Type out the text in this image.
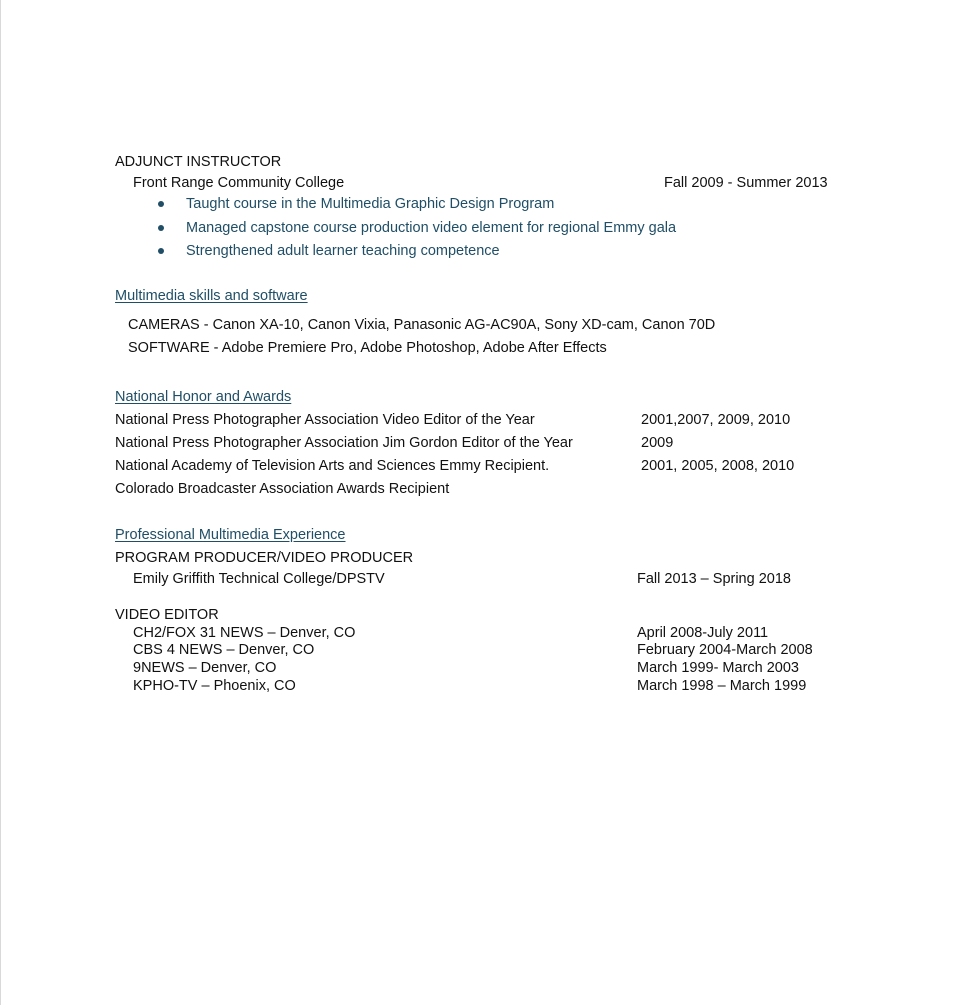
ADJUNCT INSTRUCTOR
Front Range Community College	Fall 2009 - Summer 2013
Taught course in the Multimedia Graphic Design Program
Managed capstone course production video element for regional Emmy gala
Strengthened adult learner teaching competence
Multimedia skills and software
CAMERAS - Canon XA-10, Canon Vixia, Panasonic AG-AC90A, Sony XD-cam, Canon 70D
SOFTWARE - Adobe Premiere Pro, Adobe Photoshop, Adobe After Effects
National Honor and Awards
National Press Photographer Association Video Editor of the Year	2001,2007, 2009, 2010
National Press Photographer Association Jim Gordon Editor of the Year	2009
National Academy of Television Arts and Sciences Emmy Recipient.	2001, 2005, 2008, 2010
Colorado Broadcaster Association Awards Recipient
Professional Multimedia Experience
PROGRAM PRODUCER/VIDEO PRODUCER
Emily Griffith Technical College/DPSTV	Fall 2013 – Spring 2018
VIDEO EDITOR
CH2/FOX 31 NEWS – Denver, CO	April 2008-July 2011
CBS 4 NEWS – Denver, CO	February 2004-March 2008
9NEWS – Denver, CO	March 1999- March 2003
KPHO-TV – Phoenix, CO	March 1998 – March 1999
